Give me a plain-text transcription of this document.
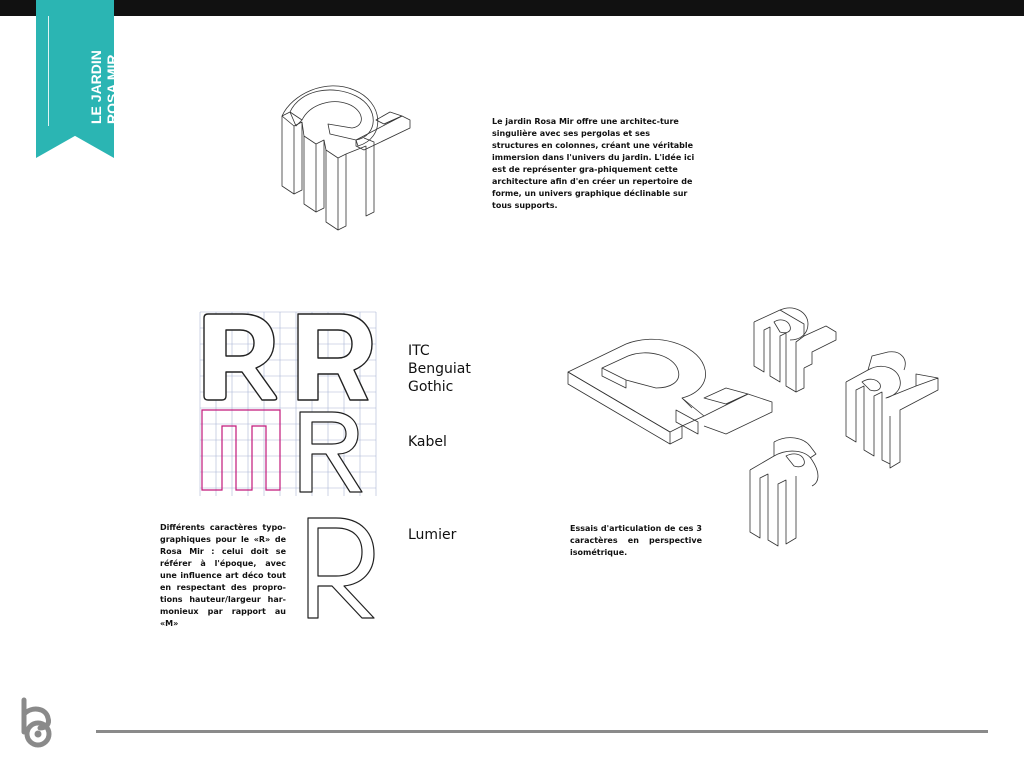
LE JARDIN ROSA MIR	Le jardin Rosa Mir offre une architec-ture singulière avec ses pergolas et ses structures en colonnes, créant une véritable immersion dans l'univers du jardin. L'idée ici est de représenter gra-phiquement cette architecture afin d'en créer un repertoire de forme, un univers graphique déclinable sur tous supports.

ITC
Benguiat
Gothic
Kabel
Lumier

Différents caractères typo-graphiques pour le «R» de Rosa Mir : celui doit se référer à l'époque, avec une influence art déco tout en respectant des propro-tions hauteur/largeur har-monieux par rapport au «M»

Essais d'articulation de ces 3 caractères en perspective isométrique.
